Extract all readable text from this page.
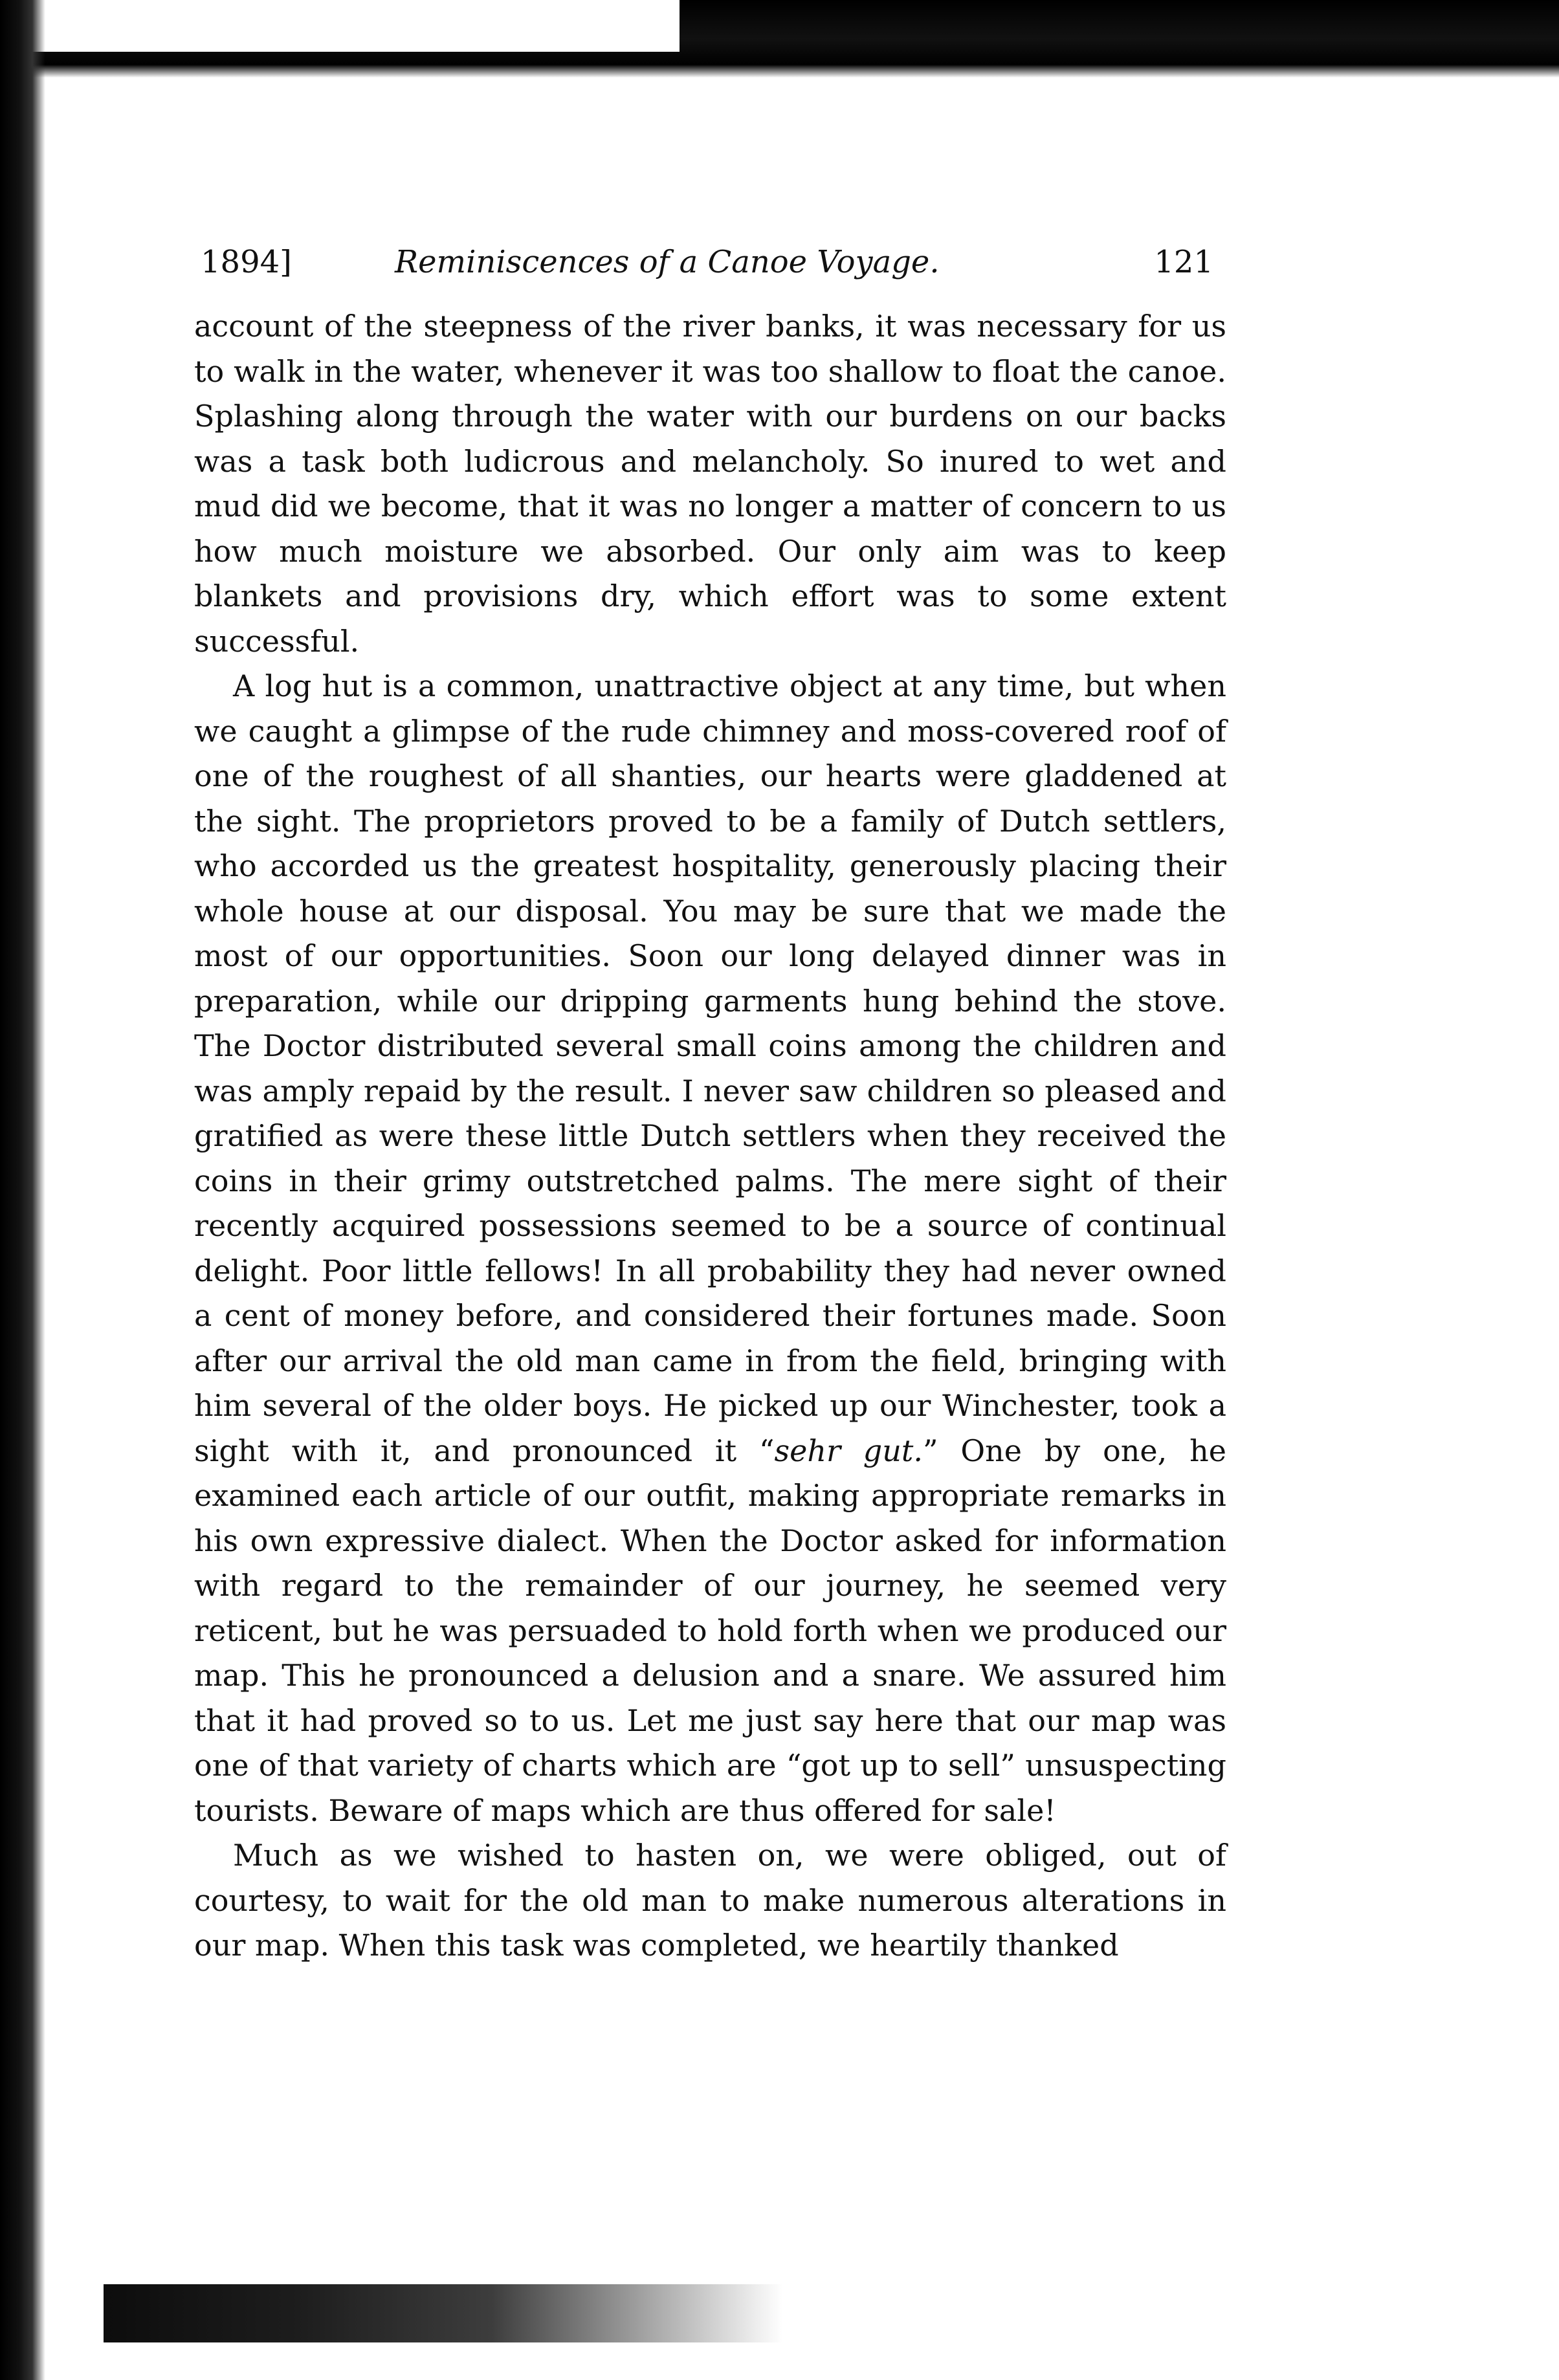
1894]	Reminiscences of a Canoe Voyage.	121

account of the steepness of the river banks, it was necessary for us to walk in the water, whenever it was too shallow to float the canoe. Splashing along through the water with our burdens on our backs was a task both ludicrous and melancholy. So inured to wet and mud did we become, that it was no longer a matter of concern to us how much moisture we absorbed. Our only aim was to keep blankets and provisions dry, which effort was to some extent successful.

A log hut is a common, unattractive object at any time, but when we caught a glimpse of the rude chimney and moss-covered roof of one of the roughest of all shanties, our hearts were gladdened at the sight. The proprietors proved to be a family of Dutch settlers, who accorded us the greatest hospitality, generously placing their whole house at our disposal. You may be sure that we made the most of our opportunities. Soon our long delayed dinner was in preparation, while our dripping garments hung behind the stove. The Doctor distributed several small coins among the children and was amply repaid by the result. I never saw children so pleased and gratified as were these little Dutch settlers when they received the coins in their grimy outstretched palms. The mere sight of their recently acquired possessions seemed to be a source of continual delight. Poor little fellows! In all probability they had never owned a cent of money before, and considered their fortunes made. Soon after our arrival the old man came in from the field, bringing with him several of the older boys. He picked up our Winchester, took a sight with it, and pronounced it “sehr gut.” One by one, he examined each article of our outfit, making appropriate remarks in his own expressive dialect. When the Doctor asked for information with regard to the remainder of our journey, he seemed very reticent, but he was persuaded to hold forth when we produced our map. This he pronounced a delusion and a snare. We assured him that it had proved so to us. Let me just say here that our map was one of that variety of charts which are “got up to sell” unsuspecting tourists. Beware of maps which are thus offered for sale!

Much as we wished to hasten on, we were obliged, out of courtesy, to wait for the old man to make numerous alterations in our map. When this task was completed, we heartily thanked
